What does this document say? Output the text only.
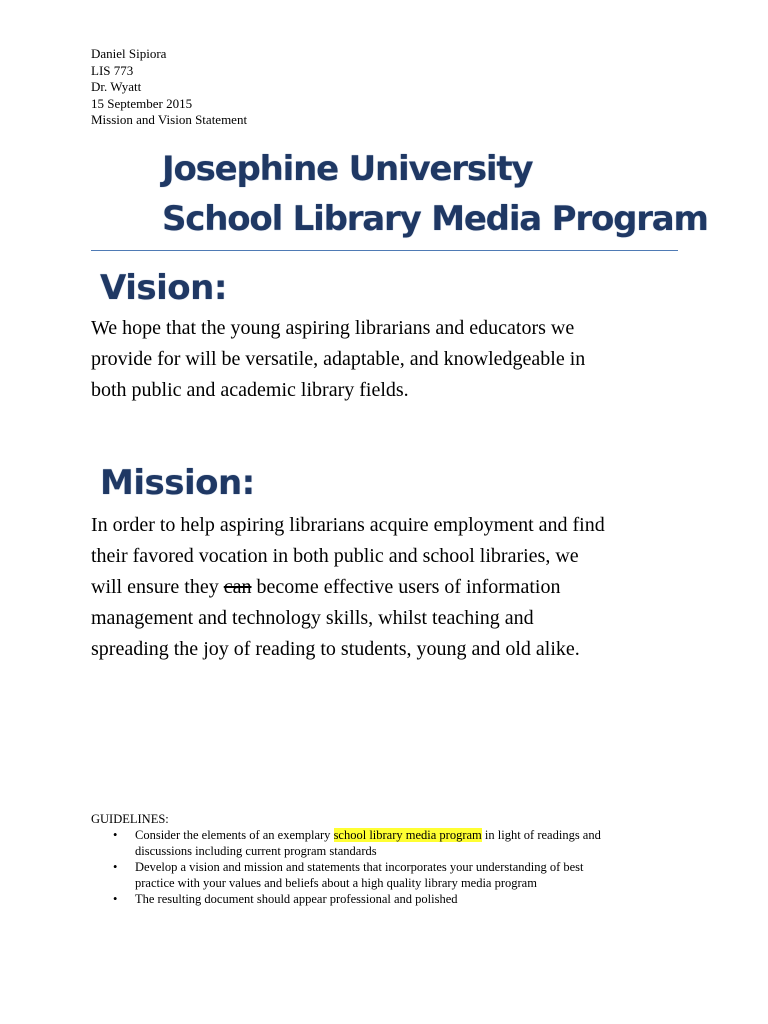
Daniel Sipiora
LIS 773
Dr. Wyatt
15 September 2015
Mission and Vision Statement
Josephine University
School Library Media Program
Vision:
We hope that the young aspiring librarians and educators we
provide for will be versatile, adaptable, and knowledgeable in
both public and academic library fields.
Mission:
In order to help aspiring librarians acquire employment and find
their favored vocation in both public and school libraries, we
will ensure they can become effective users of information
management and technology skills, whilst teaching and
spreading the joy of reading to students, young and old alike.
GUIDELINES:
• Consider the elements of an exemplary school library media program in light of readings and
discussions including current program standards
• Develop a vision and mission and statements that incorporates your understanding of best
practice with your values and beliefs about a high quality library media program
• The resulting document should appear professional and polished
